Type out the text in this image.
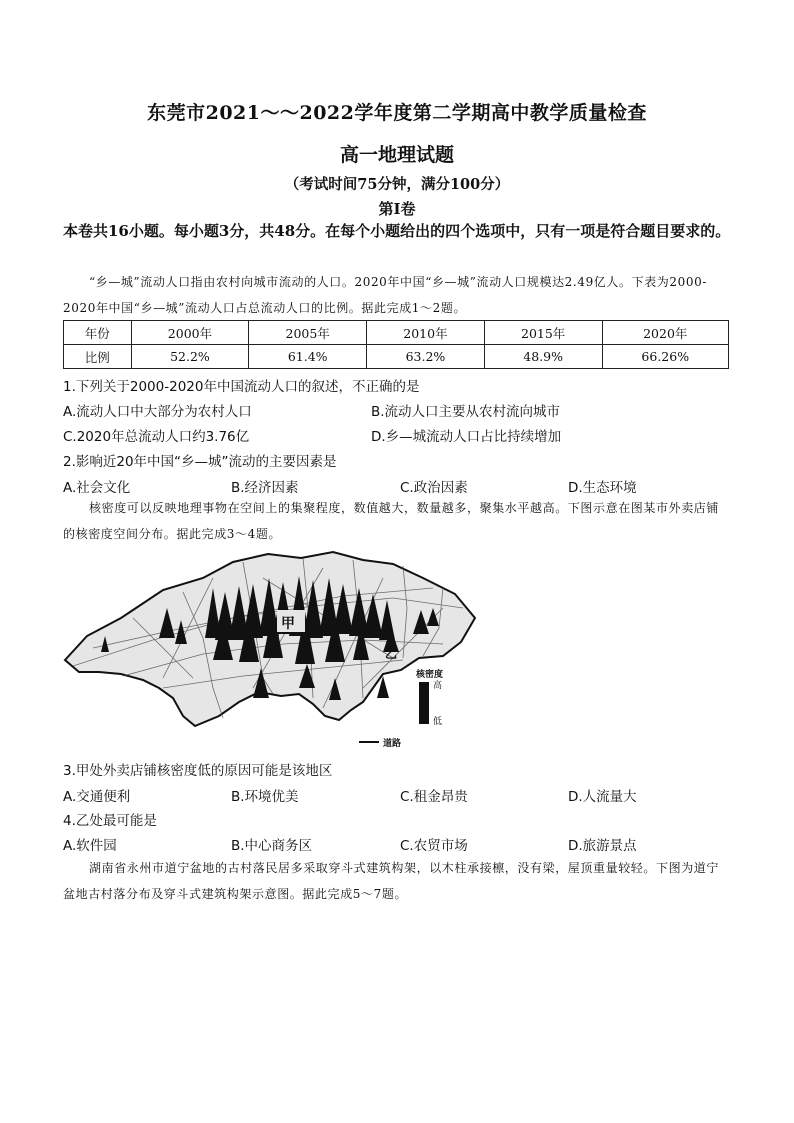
东莞市2021～～2022学年度第二学期高中教学质量检查
高一地理试题
（考试时间75分钟，满分100分）
第Ⅰ卷
本卷共16小题。每小题3分，共48分。在每个小题给出的四个选项中，只有一项是符合题目要求的。
“乡—城”流动人口指由农村向城市流动的人口。2020年中国“乡—城”流动人口规模达2.49亿人。下表为2000-2020年中国“乡—城”流动人口占总流动人口的比例。据此完成1～2题。
年份	2000年	2005年	2010年	2015年	2020年
比例	52.2%	61.4%	63.2%	48.9%	66.26%
1.下列关于2000-2020年中国流动人口的叙述，不正确的是
A.流动人口中大部分为农村人口	B.流动人口主要从农村流向城市
C.2020年总流动人口约3.76亿	D.乡—城流动人口占比持续增加
2.影响近20年中国“乡—城”流动的主要因素是
A.社会文化	B.经济因素	C.政治因素	D.生态环境
核密度可以反映地理事物在空间上的集聚程度，数值越大，数量越多，聚集水平越高。下图示意在图某市外卖店铺的核密度空间分布。据此完成3～4题。
甲
乙
核密度
高
低
道路
3.甲处外卖店铺核密度低的原因可能是该地区
A.交通便利	B.环境优美	C.租金昂贵	D.人流量大
4.乙处最可能是
A.软件园	B.中心商务区	C.农贸市场	D.旅游景点
湖南省永州市道宁盆地的古村落民居多采取穿斗式建筑构架，以木柱承接檩，没有梁，屋顶重量较轻。下图为道宁盆地古村落分布及穿斗式建筑构架示意图。据此完成5～7题。
